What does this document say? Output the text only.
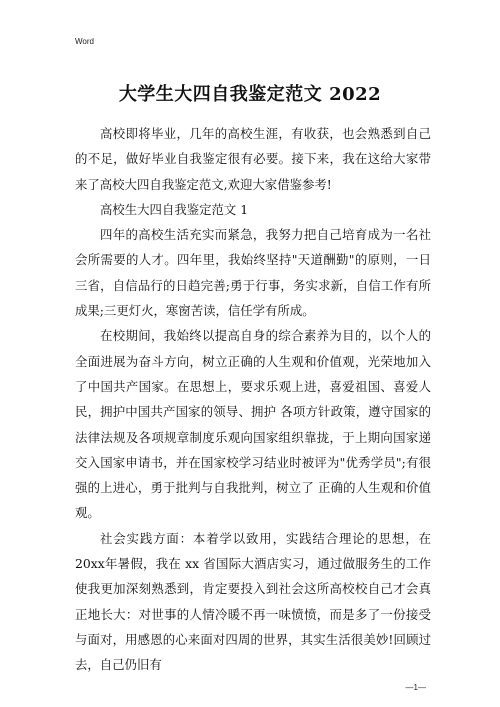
Word
大学生大四自我鉴定范文 2022

高校即将毕业，几年的高校生涯，有收获，也会熟悉到自己的不足，做好毕业自我鉴定很有必要。接下来，我在这给大家带来了高校大四自我鉴定范文,欢迎大家借鉴参考!

高校生大四自我鉴定范文 1

四年的高校生活充实而紧急，我努力把自己培育成为一名社会所需要的人才。四年里，我始终坚持"天道酬勤"的原则，一日三省，自信品行的日趋完善;勇于行事，务实求新，自信工作有所成果;三更灯火，寒窗苦读，信任学有所成。

在校期间，我始终以提高自身的综合素养为目的，以个人的全面进展为奋斗方向，树立正确的人生观和价值观，光荣地加入了中国共产国家。在思想上，要求乐观上进，喜爱祖国、喜爱人民，拥护中国共产国家的领导、拥护 各项方针政策，遵守国家的法律法规及各项规章制度乐观向国家组织靠拢，于上期向国家递交入国家申请书，并在国家校学习结业时被评为"优秀学员";有很强的上进心，勇于批判与自我批判，树立了 正确的人生观和价值观。

社会实践方面：本着学以致用，实践结合理论的思想，在 20xx年暑假，我在 xx 省国际大酒店实习，通过做服务生的工作使我更加深刻熟悉到，肯定要投入到社会这所高校校自己才会真正地长大：对世事的人情冷暖不再一味愤愤，而是多了一份接受与面对，用感恩的心来面对四周的世界，其实生活很美妙!回顾过去，自己仍旧有

—1—
